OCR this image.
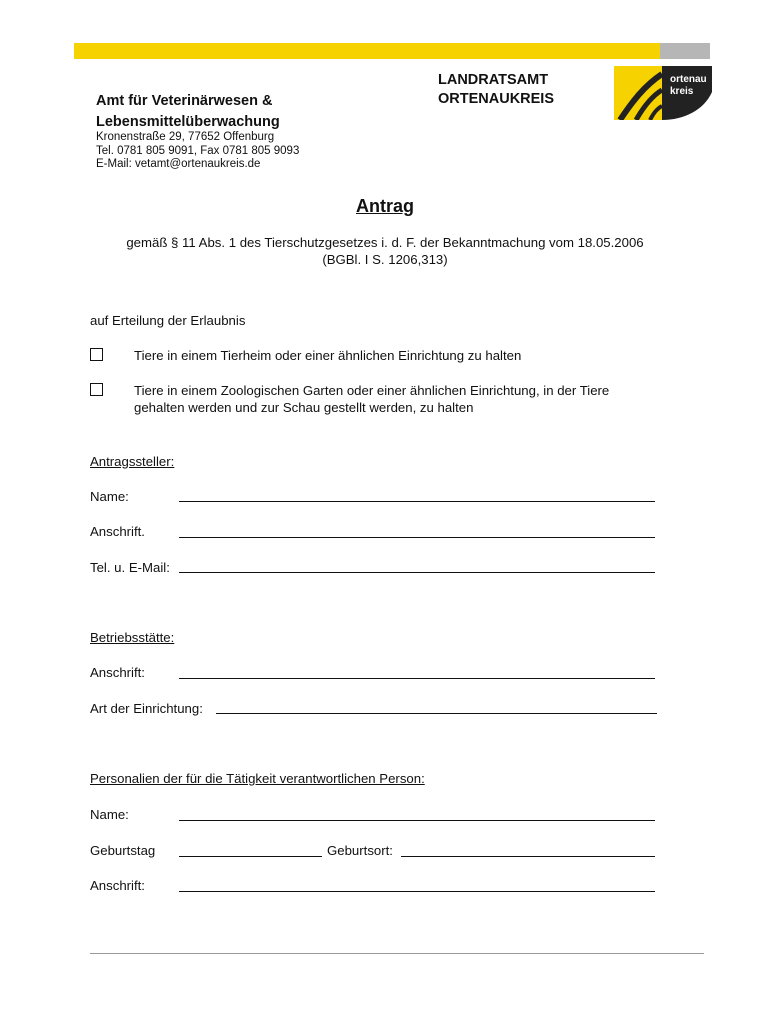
Amt für Veterinärwesen &
Lebensmittelüberwachung
Kronenstraße 29, 77652 Offenburg
Tel. 0781 805 9091, Fax 0781 805 9093
E-Mail: vetamt@ortenaukreis.de
LANDRATSAMT
ORTENAUKREIS
ortenau
kreis
Antrag
gemäß § 11 Abs. 1 des Tierschutzgesetzes i. d. F. der Bekanntmachung vom 18.05.2006
(BGBl. I S. 1206,313)
auf Erteilung der Erlaubnis
Tiere in einem Tierheim oder einer ähnlichen Einrichtung zu halten
Tiere in einem Zoologischen Garten oder einer ähnlichen Einrichtung, in der Tiere
gehalten werden und zur Schau gestellt werden, zu halten
Antragssteller:
Name:
Anschrift.
Tel. u. E-Mail:
Betriebsstätte:
Anschrift:
Art der Einrichtung:
Personalien der für die Tätigkeit verantwortlichen Person:
Name:
Geburtstag	Geburtsort:
Anschrift:
